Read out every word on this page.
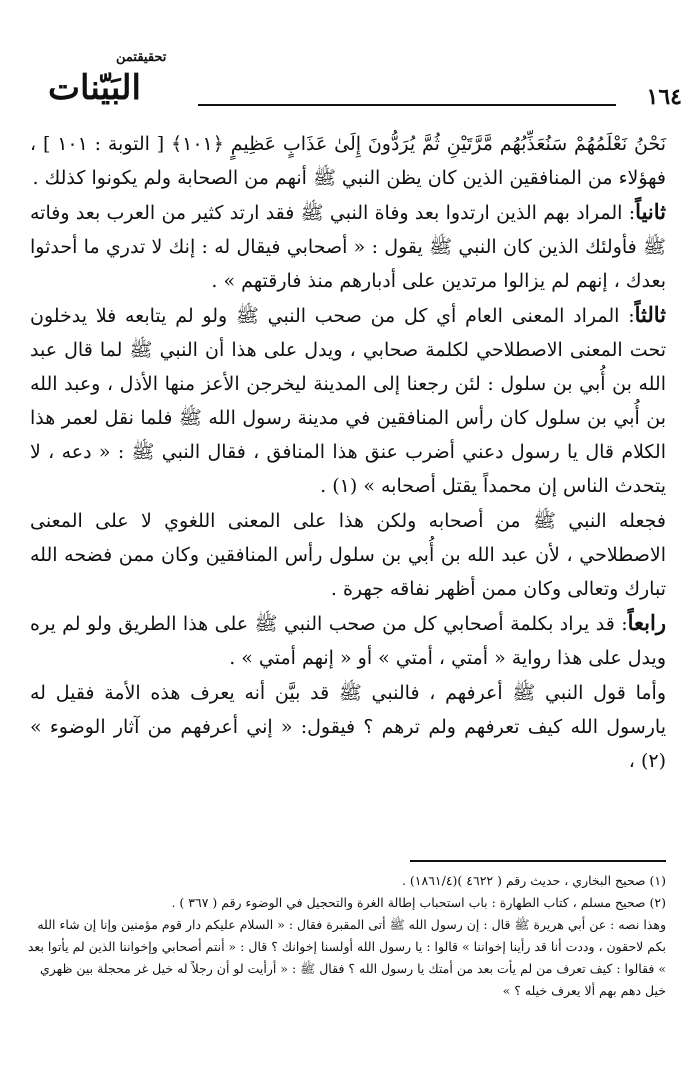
تحقيقتمن
البَيّنات	١٦٤

نَحْنُ نَعْلَمُهُمْ سَنُعَذِّبُهُم مَّرَّتَيْنِ ثُمَّ يُرَدُّونَ إِلَىٰ عَذَابٍ عَظِيمٍ ﴿١٠١﴾ [ التوبة : ١٠١ ] ، فهؤلاء من المنافقين الذين كان يظن النبي ﷺ أنهم من الصحابة ولم يكونوا كذلك .

ثانياً: المراد بهم الذين ارتدوا بعد وفاة النبي ﷺ فقد ارتد كثير من العرب بعد وفاته ﷺ فأولئك الذين كان النبي ﷺ يقول : « أصحابي فيقال له : إنك لا تدري ما أحدثوا بعدك ، إنهم لم يزالوا مرتدين على أدبارهم منذ فارقتهم » .

ثالثاً: المراد المعنى العام أي كل من صحب النبي ﷺ ولو لم يتابعه فلا يدخلون تحت المعنى الاصطلاحي لكلمة صحابي ، ويدل على هذا أن النبي ﷺ لما قال عبد الله بن أُبي بن سلول : لئن رجعنا إلى المدينة ليخرجن الأعز منها الأذل ، وعبد الله بن أُبي بن سلول كان رأس المنافقين في مدينة رسول الله ﷺ فلما نقل لعمر هذا الكلام قال يا رسول دعني أضرب عنق هذا المنافق ، فقال النبي ﷺ : « دعه ، لا يتحدث الناس إن محمداً يقتل أصحابه » (١) .

فجعله النبي ﷺ من أصحابه ولكن هذا على المعنى اللغوي لا على المعنى الاصطلاحي ، لأن عبد الله بن أُبي بن سلول رأس المنافقين وكان ممن فضحه الله تبارك وتعالى وكان ممن أظهر نفاقه جهرة .

رابعاً: قد يراد بكلمة أصحابي كل من صحب النبي ﷺ على هذا الطريق ولو لم يره ويدل على هذا رواية « أمتي ، أمتي » أو « إنهم أمتي » .

وأما قول النبي ﷺ أعرفهم ، فالنبي ﷺ قد بيَّن أنه يعرف هذه الأمة فقيل له يارسول الله كيف تعرفهم ولم ترهم ؟ فيقول: « إني أعرفهم من آثار الوضوء » (٢) ،

(١) صحيح البخاري ، حديث رقم ( ٤٦٢٢ )(١٨٦١/٤) .

(٢) صحيح مسلم ، كتاب الطهارة : باب استحباب إطالة الغرة والتحجيل في الوضوء رقم ( ٣٦٧ ) .

وهذا نصه : عن أبي هريرة ﷺ قال : إن رسول الله ﷺ أتى المقبرة فقال : « السلام عليكم دار قوم مؤمنين وإنا إن شاء الله بكم لاحقون ، وددت أنا قد رأينا إخواننا » قالوا : يا رسول الله أولسنا إخوانك ؟ قال : « أنتم أصحابي وإخواننا الذين لم يأتوا بعد » فقالوا : كيف تعرف من لم يأت بعد من أمتك يا رسول الله ؟ فقال ﷺ : « أرأيت لو أن رجلاً له خيل غر محجلة بين ظهري خيل دهم بهم ألا يعرف خيله ؟ »
